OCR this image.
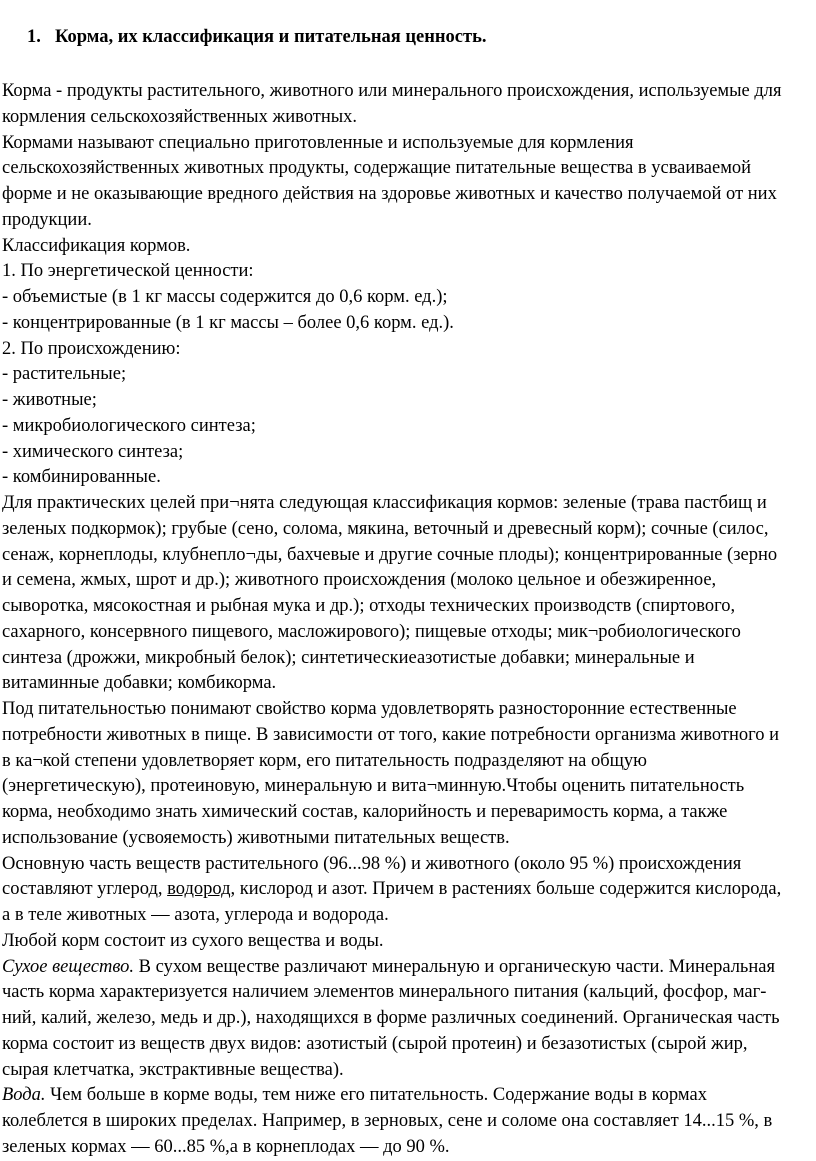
1. Корма, их классификация и питательная ценность.

Корма - продукты растительного, животного или минерального происхождения, используемые для
кормления сельскохозяйственных животных.

Кормами называют специально приготовленные и используемые для кормления
сельскохозяйственных животных продукты, содержащие питательные вещества в усваиваемой
форме и не оказывающие вредного действия на здоровье животных и качество получаемой от них
продукции.

Классификация кормов.

1. По энергетической ценности:
- объемистые (в 1 кг массы содержится до 0,6 корм. ед.);
- концентрированные (в 1 кг массы – более 0,6 корм. ед.).
2. По происхождению:
- растительные;
- животные;
- микробиологического синтеза;
- химического синтеза;
- комбинированные.

Для практических целей при¬нята следующая классификация кормов: зеленые (трава пастбищ и
зеленых подкормок); грубые (сено, солома, мякина, веточный и древесный корм); сочные (силос,
сенаж, корнеплоды, клубнеплo¬ды, бахчевые и другие сочные плоды); концентрированные (зерно
и семена, жмых, шрот и др.); животного происхождения (молоко цельное и обезжиренное,
сыворотка, мясокостная и рыбная мука и др.); отходы технических производств (спиртового,
сахарного, консервного пищевого, масложирового); пищевые отходы; мик¬робиологического
синтеза (дрожжи, микробный белок); синтетическиеазотистые добавки; минеральные и
витаминные добавки; комбикорма.

Под питательностью понимают свойство корма удовлетворять разносторонние естественные
потребности животных в пище. В зависимости от того, какие потребности организма животного и
в ка¬кой степени удовлетворяет корм, его питательность подразделяют на общую
(энергетическую), протеиновую, минеральную и вита¬минную.Чтобы оценить питательность
корма, необходимо знать химический состав, калорийность и переваримость корма, а также
использование (усвояемость) животными питательных веществ.

Основную часть веществ растительного (96...98 %) и животного (около 95 %) происхождения
составляют углерод, водород, кислород и азот. Причем в растениях больше содержится кислорода,
а в теле животных — азота, углерода и водорода.

Любой корм состоит из сухого вещества и воды.

Сухое вещество. В сухом веществе различают минеральную и органическую части. Минеральная
часть корма характеризуется наличием элементов минерального питания (кальций, фосфор, маг-
ний, калий, железо, медь и др.), находящихся в форме различных соединений. Органическая часть
корма состоит из веществ двух видов: азотистый (сырой протеин) и безазотистых (сырой жир,
сырая клетчатка, экстрактивные вещества).

Вода. Чем больше в корме воды, тем ниже его питательность. Содержание воды в кормах
колеблется в широких пределах. Например, в зерновых, сене и соломе она составляет 14...15 %, в
зеленых кормах — 60...85 %,а в корнеплодах — до 90 %.
